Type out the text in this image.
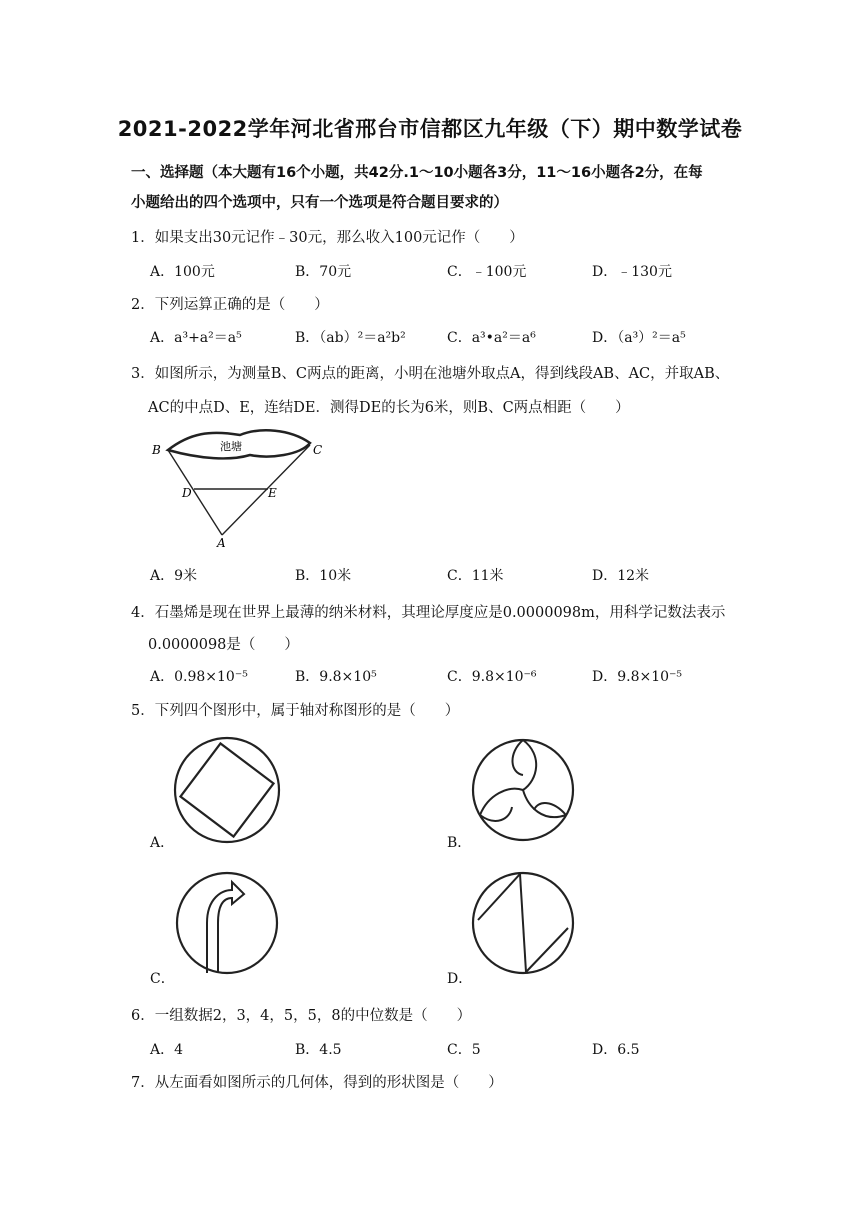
2021-2022学年河北省邢台市信都区九年级（下）期中数学试卷
一、选择题（本大题有16个小题，共42分.1～10小题各3分，11～16小题各2分，在每
小题给出的四个选项中，只有一个选项是符合题目要求的）
1．如果支出30元记作﹣30元，那么收入100元记作（　　）
A．100元	B．70元	C．﹣100元	D．﹣130元
2．下列运算正确的是（　　）
A．a³+a²＝a⁵	B．（ab）²＝a²b²	C．a³•a²＝a⁶	D．（a³）²＝a⁵
3．如图所示，为测量B、C两点的距离，小明在池塘外取点A，得到线段AB、AC，并取AB、
AC的中点D、E，连结DE．测得DE的长为6米，则B、C两点相距（　　）
池塘
B	C
D	E
A
A．9米	B．10米	C．11米	D．12米
4．石墨烯是现在世界上最薄的纳米材料，其理论厚度应是0.0000098m，用科学记数法表示
0.0000098是（　　）
A．0.98×10⁻⁵	B．9.8×10⁵	C．9.8×10⁻⁶	D．9.8×10⁻⁵
5．下列四个图形中，属于轴对称图形的是（　　）
A．	B．
C．	D．
6．一组数据2，3，4，5，5，8的中位数是（　　）
A．4	B．4.5	C．5	D．6.5
7．从左面看如图所示的几何体，得到的形状图是（　　）
